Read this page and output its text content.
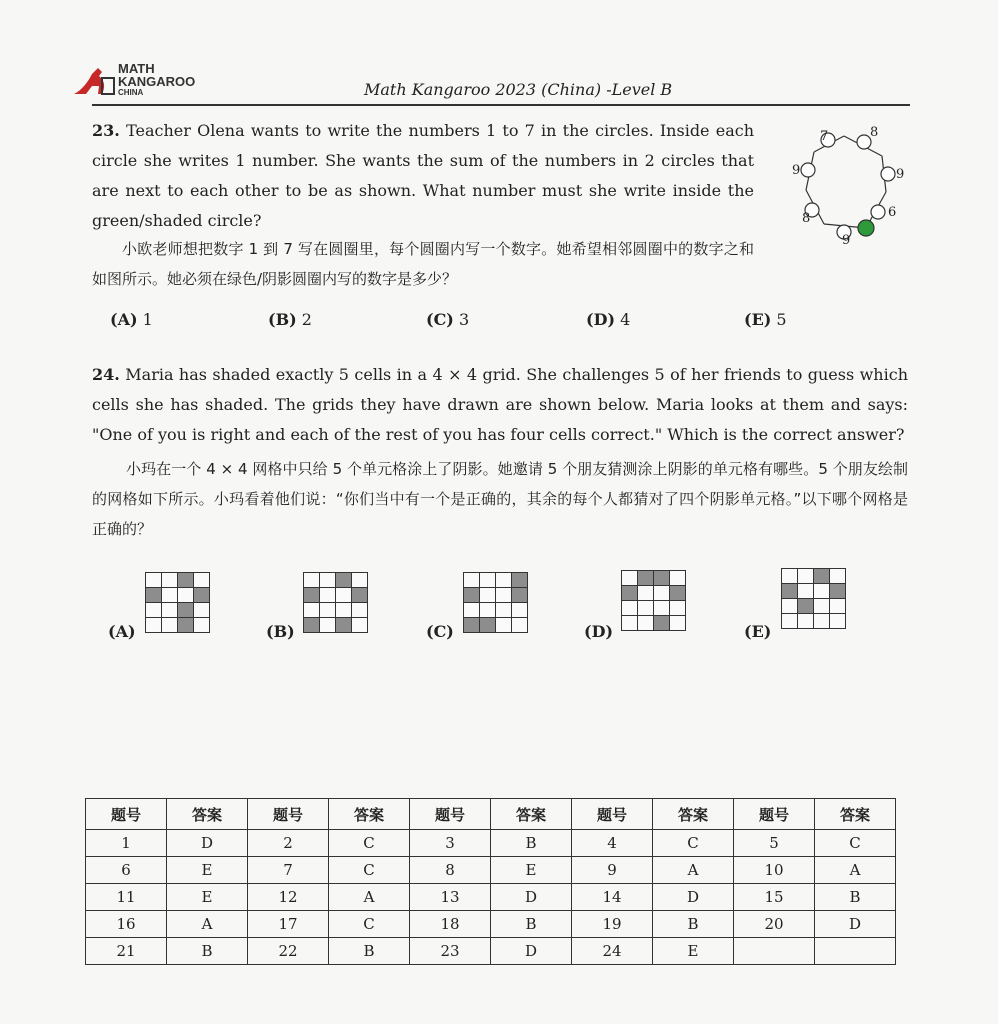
MATH
KANGAROO
CHINA	Math Kangaroo 2023 (China) -Level B
23. Teacher Olena wants to write the numbers 1 to 7 in the circles. Inside each circle she writes 1 number. She wants the sum of the numbers in 2 circles that are next to each other to be as shown. What number must she write inside the green/shaded circle?
小欧老师想把数字 1 到 7 写在圆圈里，每个圆圈内写一个数字。她希望相邻圆圈中的数字之和如图所示。她必须在绿色/阴影圆圈内写的数字是多少？
7	8
9
6
9
8
9
(A) 1	(B) 2	(C) 3	(D) 4	(E) 5
24. Maria has shaded exactly 5 cells in a 4 × 4 grid. She challenges 5 of her friends to guess which cells she has shaded. The grids they have drawn are shown below. Maria looks at them and says: "One of you is right and each of the rest of you has four cells correct." Which is the correct answer?
小玛在一个 4 × 4 网格中只给 5 个单元格涂上了阴影。她邀请 5 个朋友猜测涂上阴影的单元格有哪些。5 个朋友绘制的网格如下所示。小玛看着他们说：“你们当中有一个是正确的，其余的每个人都猜对了四个阴影单元格。”以下哪个网格是正确的？
(A)	(B)	(C)	(D)	(E)
题号	答案	题号	答案	题号	答案	题号	答案	题号	答案
1	D	2	C	3	B	4	C	5	C
6	E	7	C	8	E	9	A	10	A
11	E	12	A	13	D	14	D	15	B
16	A	17	C	18	B	19	B	20	D
21	B	22	B	23	D	24	E		
